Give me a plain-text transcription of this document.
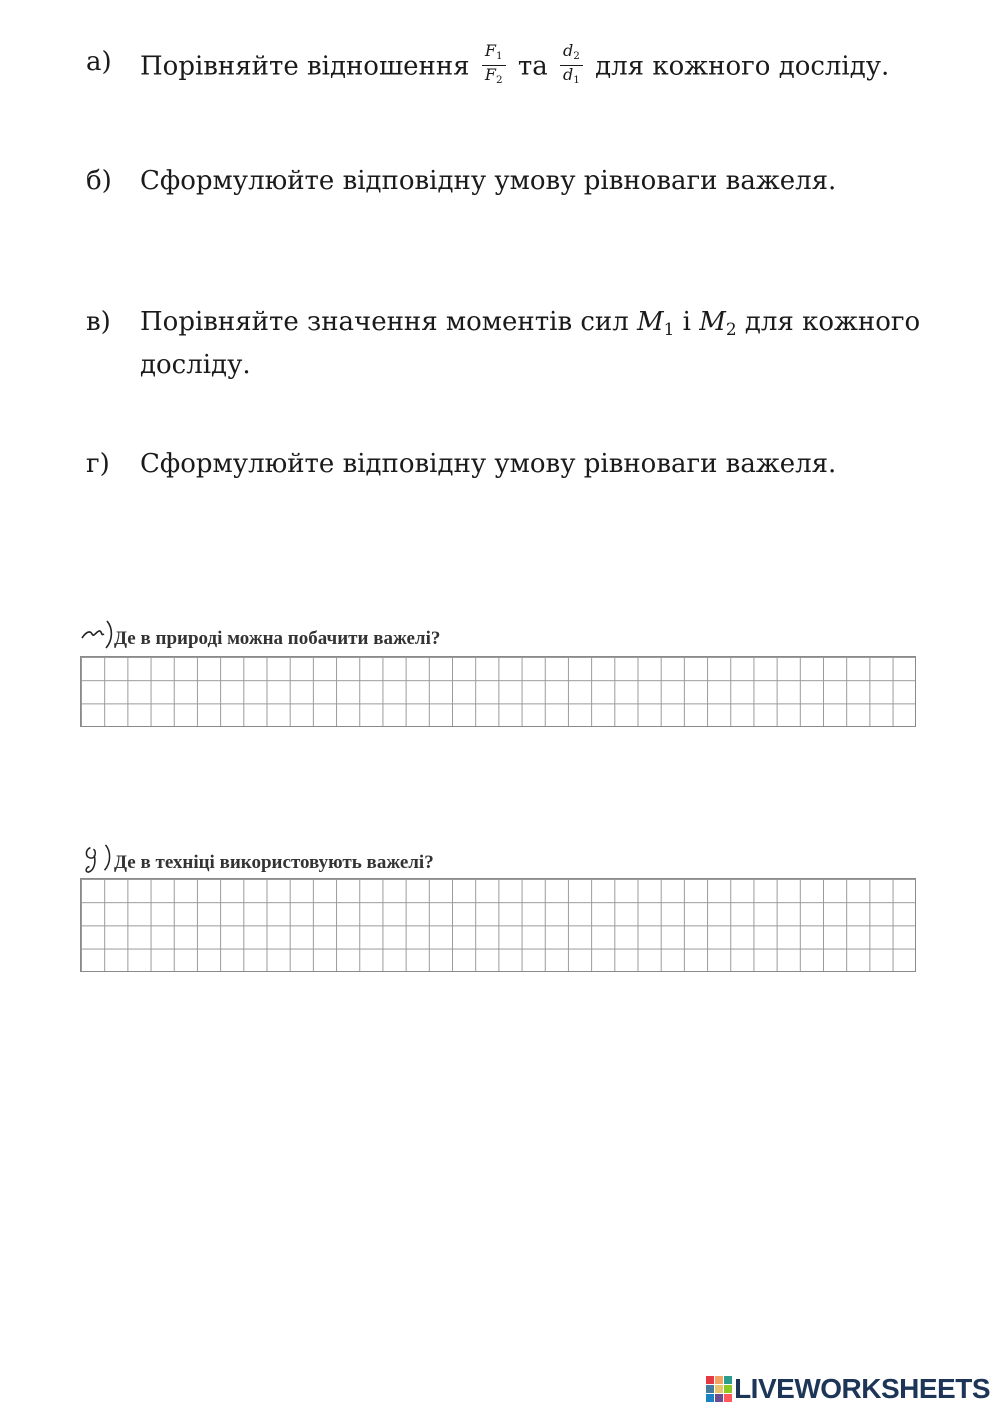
а)	Порівняйте відношення $\frac{F_1}{F_2}$ та $\frac{d_2}{d_1}$ для кожного досліду.
б)	Сформулюйте відповідну умову рівноваги важеля.
в)	Порівняйте значення моментів сил $M_1$ і $M_2$ для кожного досліду.
г)	Сформулюйте відповідну умову рівноваги важеля.
Де в природі можна побачити важелі?
Де в техніці використовують важелі?
LIVEWORKSHEETS
